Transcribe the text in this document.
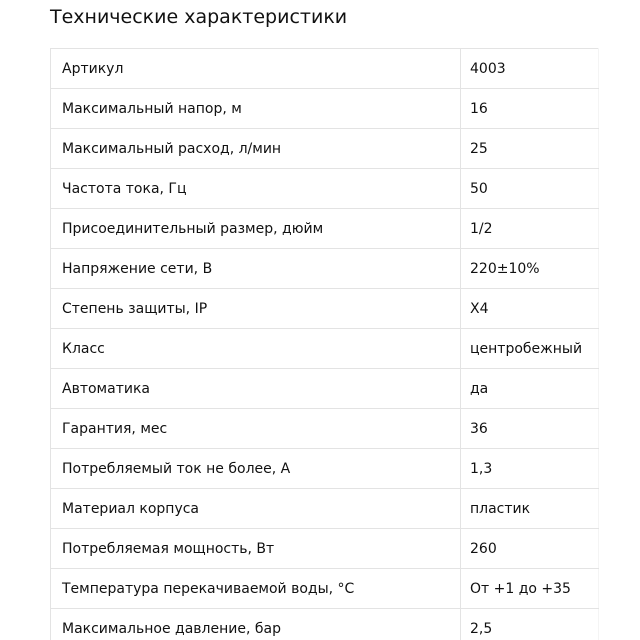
Технические характеристики
Артикул	4003
Максимальный напор, м	16
Максимальный расход, л/мин	25
Частота тока, Гц	50
Присоединительный размер, дюйм	1/2
Напряжение сети, В	220±10%
Степень защиты, IP	X4
Класс	центробежный
Автоматика	да
Гарантия, мес	36
Потребляемый ток не более, А	1,3
Материал корпуса	пластик
Потребляемая мощность, Вт	260
Температура перекачиваемой воды, °С	От +1 до +35
Максимальное давление, бар	2,5
